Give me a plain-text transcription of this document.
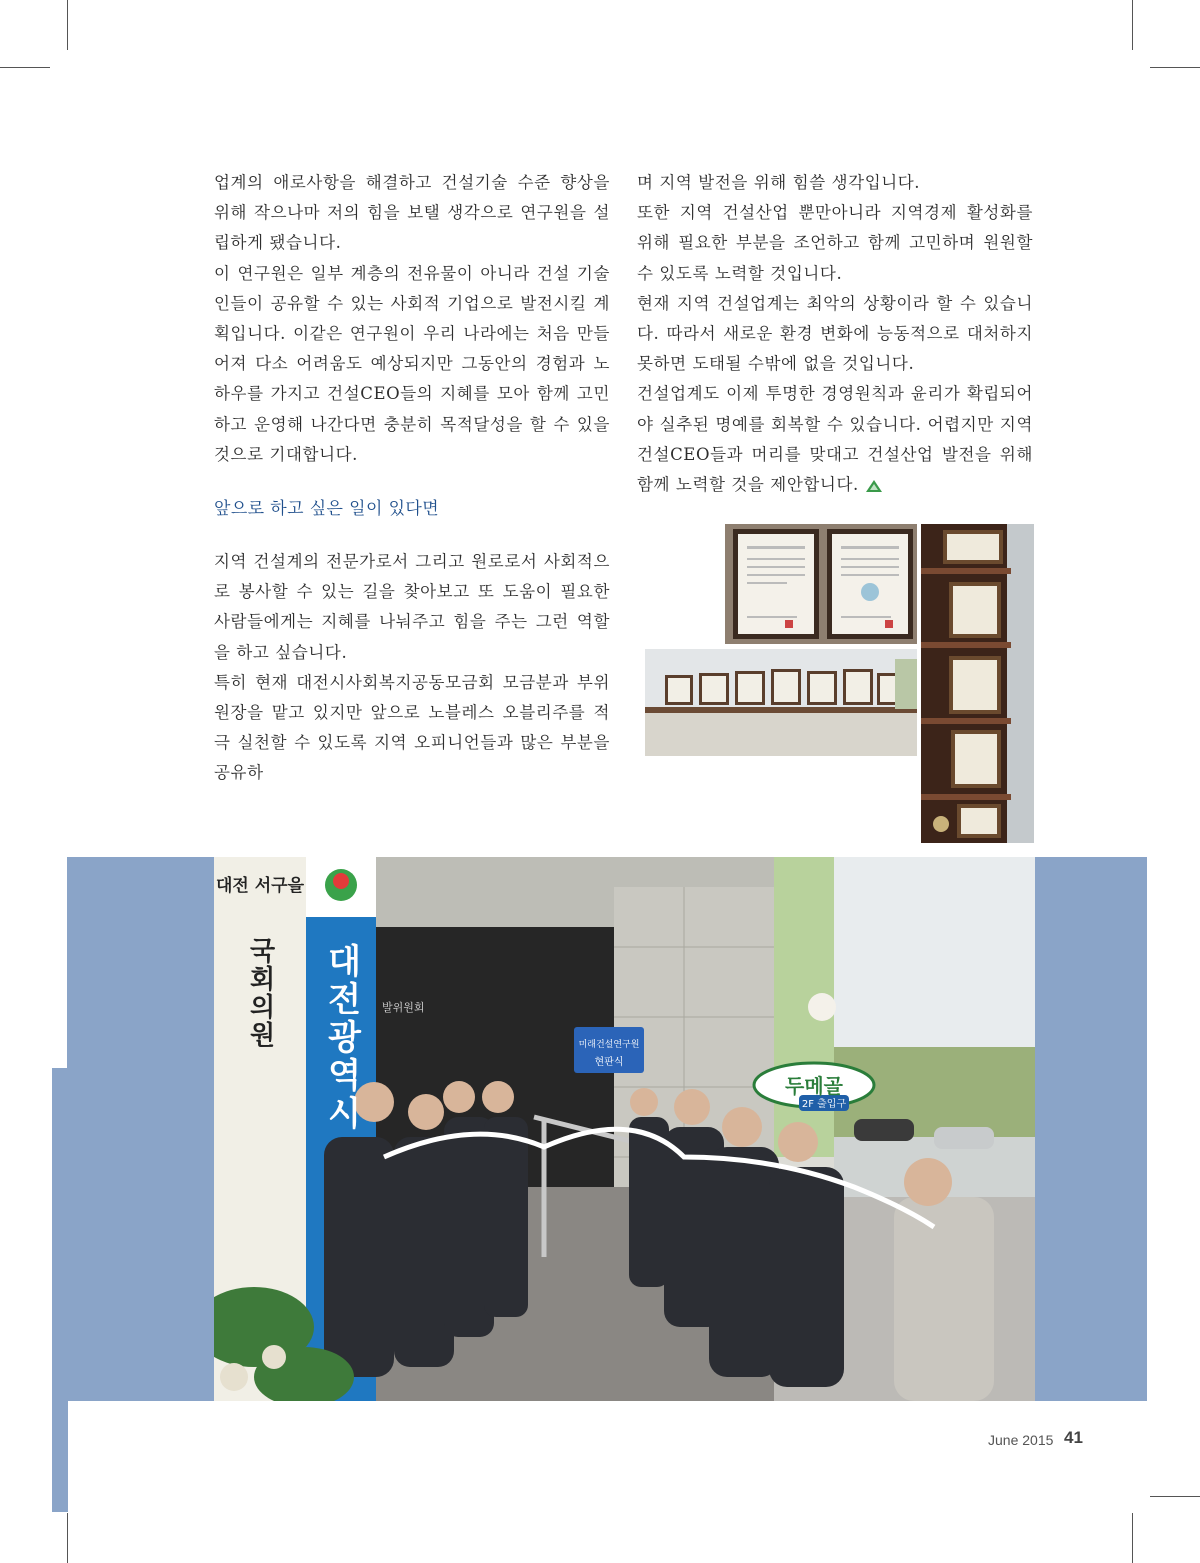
업계의 애로사항을 해결하고 건설기술 수준 향상을 위해 작으나마 저의 힘을 보탤 생각으로 연구원을 설립하게 됐습니다.

이 연구원은 일부 계층의 전유물이 아니라 건설 기술인들이 공유할 수 있는 사회적 기업으로 발전시킬 계획입니다. 이같은 연구원이 우리 나라에는 처음 만들어져 다소 어려움도 예상되지만 그동안의 경험과 노하우를 가지고 건설CEO들의 지혜를 모아 함께 고민하고 운영해 나간다면 충분히 목적달성을 할 수 있을 것으로 기대합니다.

앞으로 하고 싶은 일이 있다면

지역 건설계의 전문가로서 그리고 원로로서 사회적으로 봉사할 수 있는 길을 찾아보고 또 도움이 필요한 사람들에게는 지혜를 나눠주고 힘을 주는 그런 역할을 하고 싶습니다.

특히 현재 대전시사회복지공동모금회 모금분과 부위원장을 맡고 있지만 앞으로 노블레스 오블리주를 적극 실천할 수 있도록 지역 오피니언들과 많은 부분을 공유하

며 지역 발전을 위해 힘쓸 생각입니다.

또한 지역 건설산업 뿐만아니라 지역경제 활성화를 위해 필요한 부분을 조언하고 함께 고민하며 원원할 수 있도록 노력할 것입니다.

현재 지역 건설업계는 최악의 상황이라 할 수 있습니다. 따라서 새로운 환경 변화에 능동적으로 대처하지 못하면 도태될 수밖에 없을 것입니다.

건설업계도 이제 투명한 경영원칙과 윤리가 확립되어야 실추된 명예를 회복할 수 있습니다. 어렵지만 지역 건설CEO들과 머리를 맞대고 건설산업 발전을 위해 함께 노력할 것을 제안합니다.

대전 서구을
국회의원 대전광역시 발위원회
미래건설연구원
현판식
두메골
2F 출입구
June 2015 41
